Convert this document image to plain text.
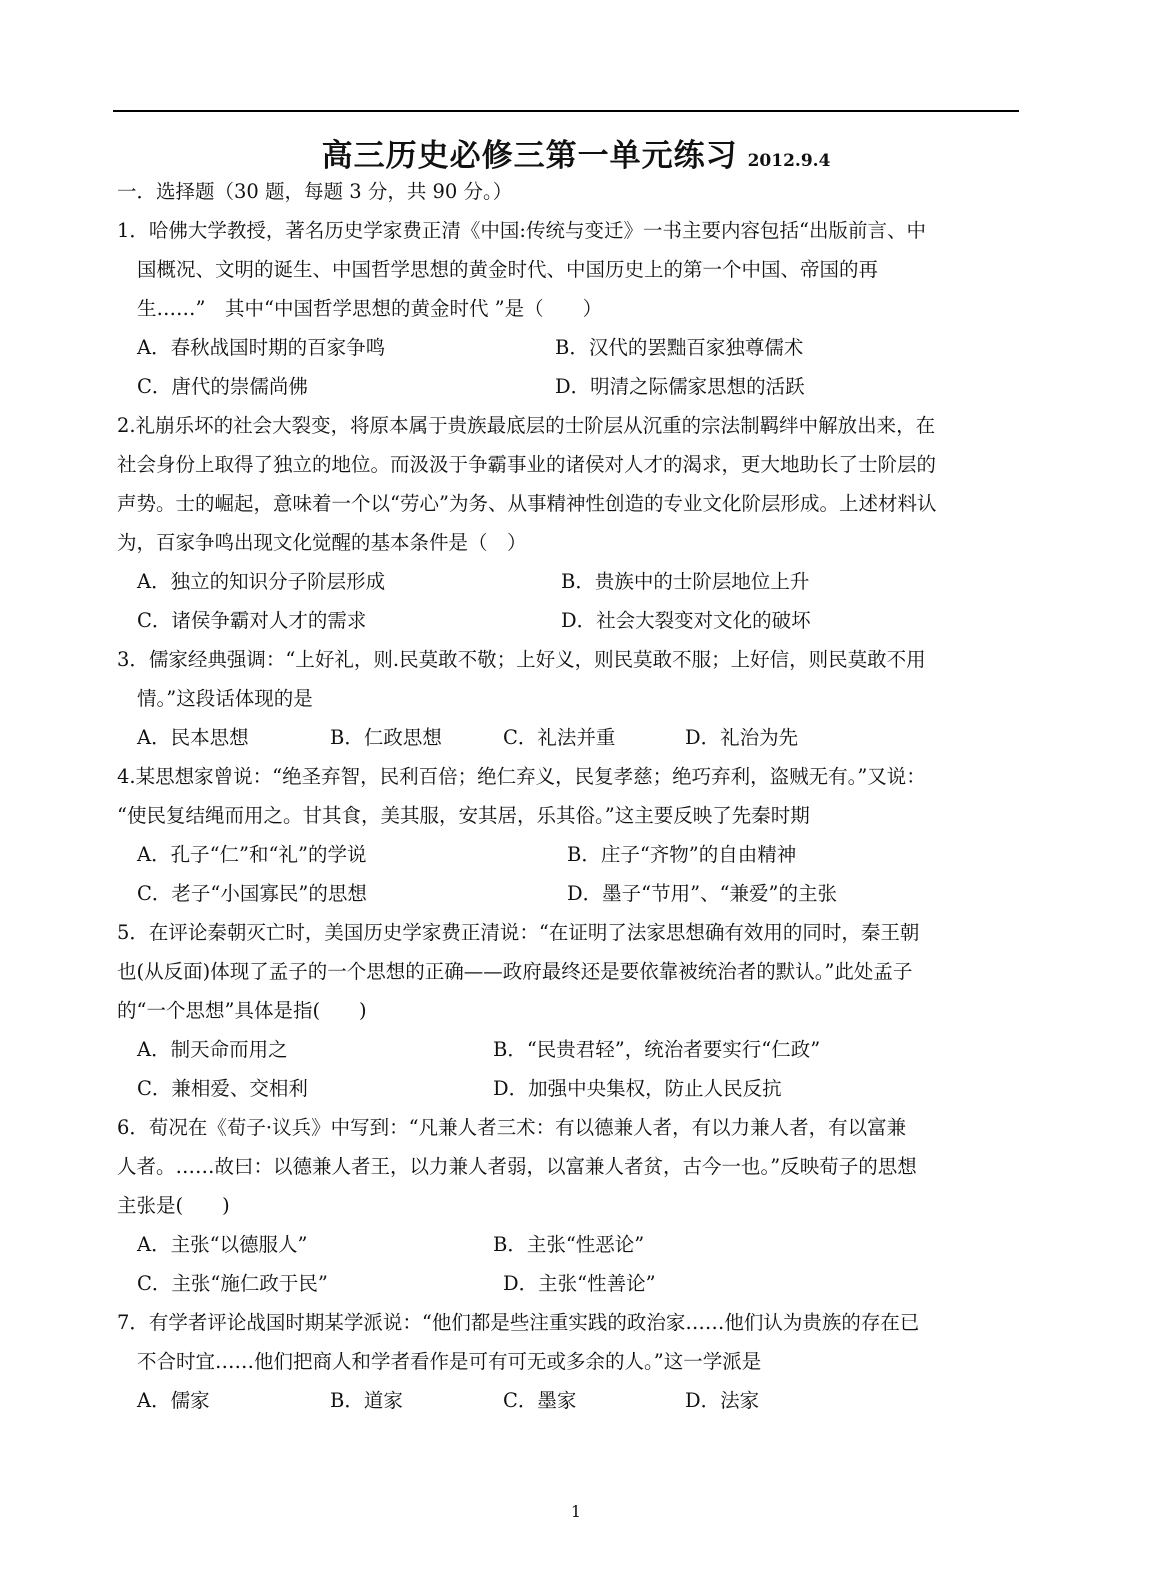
高三历史必修三第一单元练习 2012.9.4
一．选择题（30 题，每题 3 分，共 90 分。）
1．哈佛大学教授，著名历史学家费正清《中国:传统与变迁》一书主要内容包括“出版前言、中
国概况、文明的诞生、中国哲学思想的黄金时代、中国历史上的第一个中国、帝国的再
生……”　其中“中国哲学思想的黄金时代 ”是（　　）
A．春秋战国时期的百家争鸣	B．汉代的罢黜百家独尊儒术
C．唐代的崇儒尚佛	D．明清之际儒家思想的活跃
2.礼崩乐坏的社会大裂变，将原本属于贵族最底层的士阶层从沉重的宗法制羁绊中解放出来，在
社会身份上取得了独立的地位。而汲汲于争霸事业的诸侯对人才的渴求，更大地助长了士阶层的
声势。士的崛起，意味着一个以“劳心”为务、从事精神性创造的专业文化阶层形成。上述材料认
为，百家争鸣出现文化觉醒的基本条件是（　）
A．独立的知识分子阶层形成	B．贵族中的士阶层地位上升
C．诸侯争霸对人才的需求	D．社会大裂变对文化的破坏
3．儒家经典强调：“上好礼，则.民莫敢不敬；上好义，则民莫敢不服；上好信，则民莫敢不用
情。”这段话体现的是
A．民本思想	B．仁政思想	C．礼法并重	D．礼治为先
4.某思想家曾说：“绝圣弃智，民利百倍；绝仁弃义，民复孝慈；绝巧弃利，盗贼无有。”又说：
“使民复结绳而用之。甘其食，美其服，安其居，乐其俗。”这主要反映了先秦时期
A．孔子“仁”和“礼”的学说	B．庄子“齐物”的自由精神
C．老子“小国寡民”的思想	D．墨子“节用”、“兼爱”的主张
5．在评论秦朝灭亡时，美国历史学家费正清说：“在证明了法家思想确有效用的同时，秦王朝
也(从反面)体现了孟子的一个思想的正确——政府最终还是要依靠被统治者的默认。”此处孟子
的“一个思想”具体是指(　　)
A．制天命而用之	B．“民贵君轻”，统治者要实行“仁政”
C．兼相爱、交相利	D．加强中央集权，防止人民反抗
6．荀况在《荀子·议兵》中写到：“凡兼人者三术：有以德兼人者，有以力兼人者，有以富兼
人者。……故曰：以德兼人者王，以力兼人者弱，以富兼人者贫，古今一也。”反映荀子的思想
主张是(　　)
A．主张“以德服人”	B．主张“性恶论”
C．主张“施仁政于民”	D．主张“性善论”
7．有学者评论战国时期某学派说：“他们都是些注重实践的政治家……他们认为贵族的存在已
不合时宜……他们把商人和学者看作是可有可无或多余的人。”这一学派是
A．儒家	B．道家	C．墨家	D．法家
1
